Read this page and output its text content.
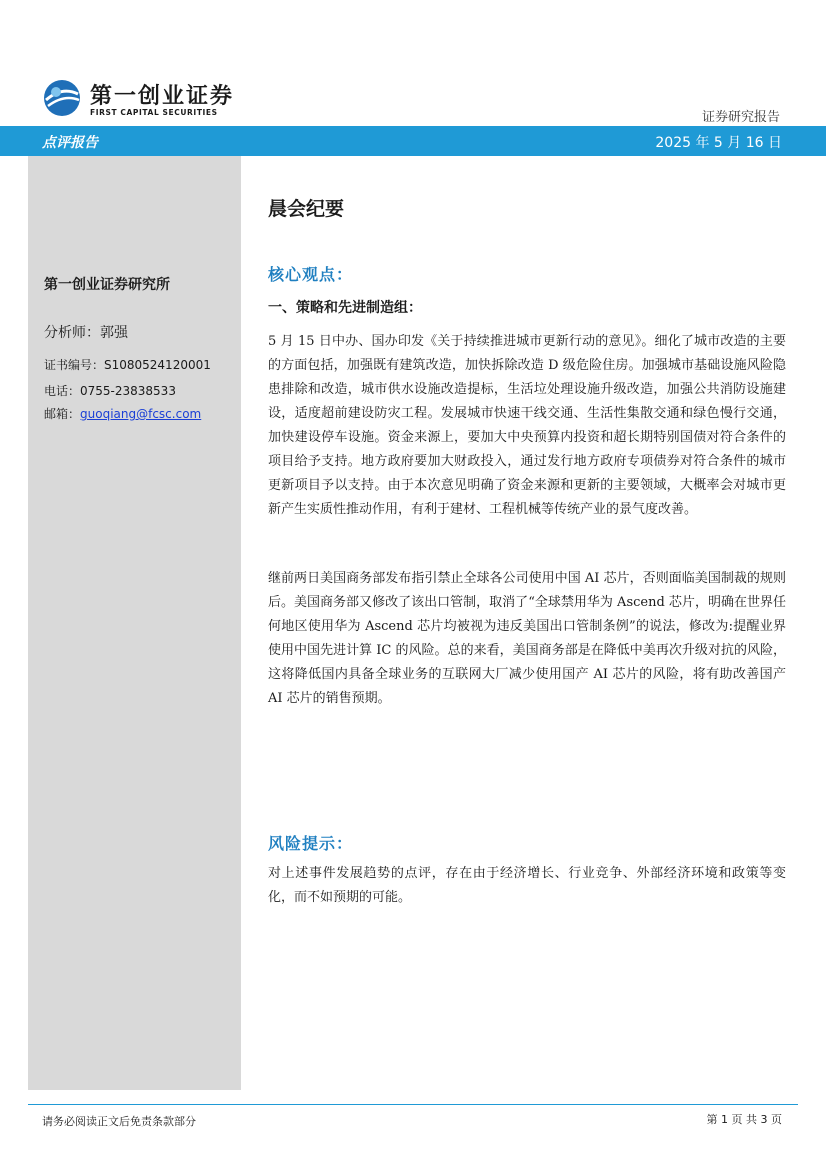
第一创业证券
FIRST CAPITAL SECURITIES	证券研究报告
点评报告	2025 年 5 月 16 日
第一创业证券研究所
分析师：郭强
证书编号：S1080524120001
电话：0755-23838533
邮箱：guoqiang@fcsc.com
晨会纪要
核心观点：
一、策略和先进制造组：
5 月 15 日中办、国办印发《关于持续推进城市更新行动的意见》。细化了城市改造的主要的方面包括，加强既有建筑改造，加快拆除改造 D 级危险住房。加强城市基础设施风险隐患排除和改造，城市供水设施改造提标，生活垃处理设施升级改造，加强公共消防设施建设，适度超前建设防灾工程。发展城市快速干线交通、生活性集散交通和绿色慢行交通，加快建设停车设施。资金来源上，要加大中央预算内投资和超长期特别国债对符合条件的项目给予支持。地方政府要加大财政投入，通过发行地方政府专项债券对符合条件的城市更新项目予以支持。由于本次意见明确了资金来源和更新的主要领域，大概率会对城市更新产生实质性推动作用，有利于建材、工程机械等传统产业的景气度改善。
继前两日美国商务部发布指引禁止全球各公司使用中国 AI 芯片，否则面临美国制裁的规则后。美国商务部又修改了该出口管制，取消了“全球禁用华为 Ascend 芯片，明确在世界任何地区使用华为 Ascend 芯片均被视为违反美国出口管制条例”的说法，修改为:提醒业界使用中国先进计算 IC 的风险。总的来看，美国商务部是在降低中美再次升级对抗的风险，这将降低国内具备全球业务的互联网大厂减少使用国产 AI 芯片的风险，将有助改善国产 AI 芯片的销售预期。
风险提示：
对上述事件发展趋势的点评，存在由于经济增长、行业竞争、外部经济环境和政策等变化，而不如预期的可能。
请务必阅读正文后免责条款部分	第 1 页 共 3 页
